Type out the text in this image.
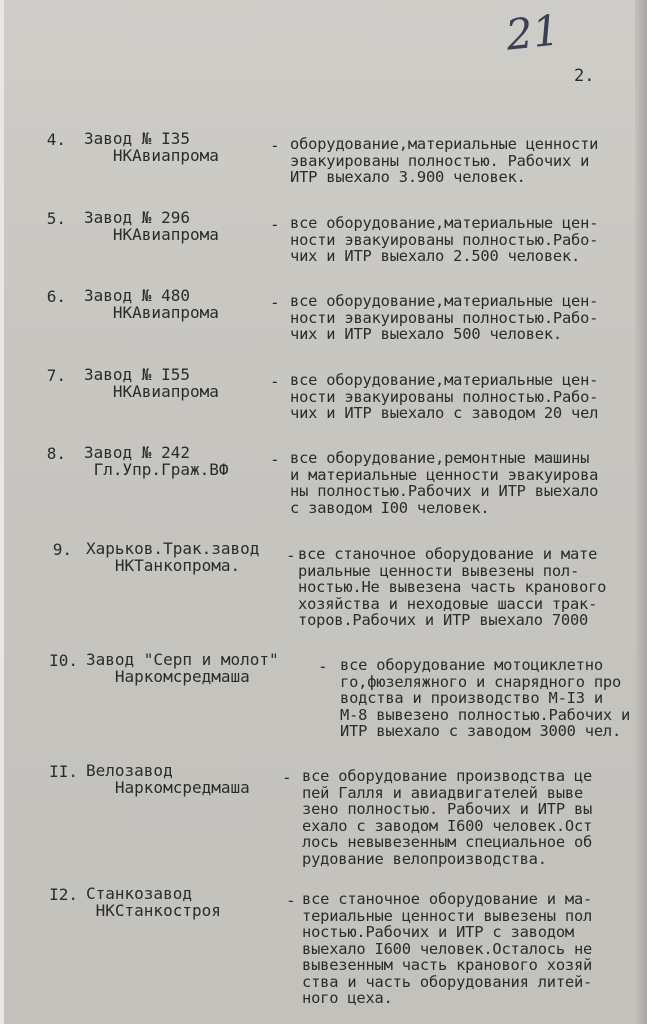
21
2.
4. Завод № I35
НКАвиапрома
- оборудование,материальные ценности
эвакуированы полностью. Рабочих и
ИТР выехало 3.900 человек.
5. Завод № 296
НКАвиапрома
- все оборудование,материальные цен-
ности эвакуированы полностью.Рабо-
чих и ИТР выехало 2.500 человек.
6. Завод № 480
НКАвиапрома
- все оборудование,материальные цен-
ности эвакуированы полностью.Рабо-
чих и ИТР выехало 500 человек.
7. Завод № I55
НКАвиапрома
- все оборудование,материальные цен-
ности эвакуированы полностью.Рабо-
чих и ИТР выехало с заводом 20 чел
8. Завод № 242
Гл.Упр.Граж.ВФ
- все оборудование,ремонтные машины
и материальные ценности эвакуирова
ны полностью.Рабочих и ИТР выехало
с заводом I00 человек.
9. Харьков.Трак.завод
НКТанкопрома.
- все станочное оборудование и мате
риальные ценности вывезены пол-
ностью.Не вывезена часть кранового
хозяйства и неходовые шасси трак-
торов.Рабочих и ИТР выехало 7000
I0. Завод "Серп и молот"
Наркомсредмаша
- все оборудование мотоциклетно
го,фюзеляжного и снарядного про
водства и производство М-I3 и
М-8 вывезено полностью.Рабочих и
ИТР выехало с заводом 3000 чел.
II. Велозавод
Наркомсредмаша
- все оборудование производства це
пей Галля и авиадвигателей выве
зено полностью. Рабочих и ИТР вы
ехало с заводом I600 человек.Ост
лось невывезенным специальное об
рудование велопроизводства.
I2. Станкозавод
НКСтанкостроя
- все станочное оборудование и ма-
териальные ценности вывезены пол
ностью.Рабочих и ИТР с заводом
выехало I600 человек.Осталось не
вывезенным часть кранового хозяй
ства и часть оборудования литей-
ного цеха.
